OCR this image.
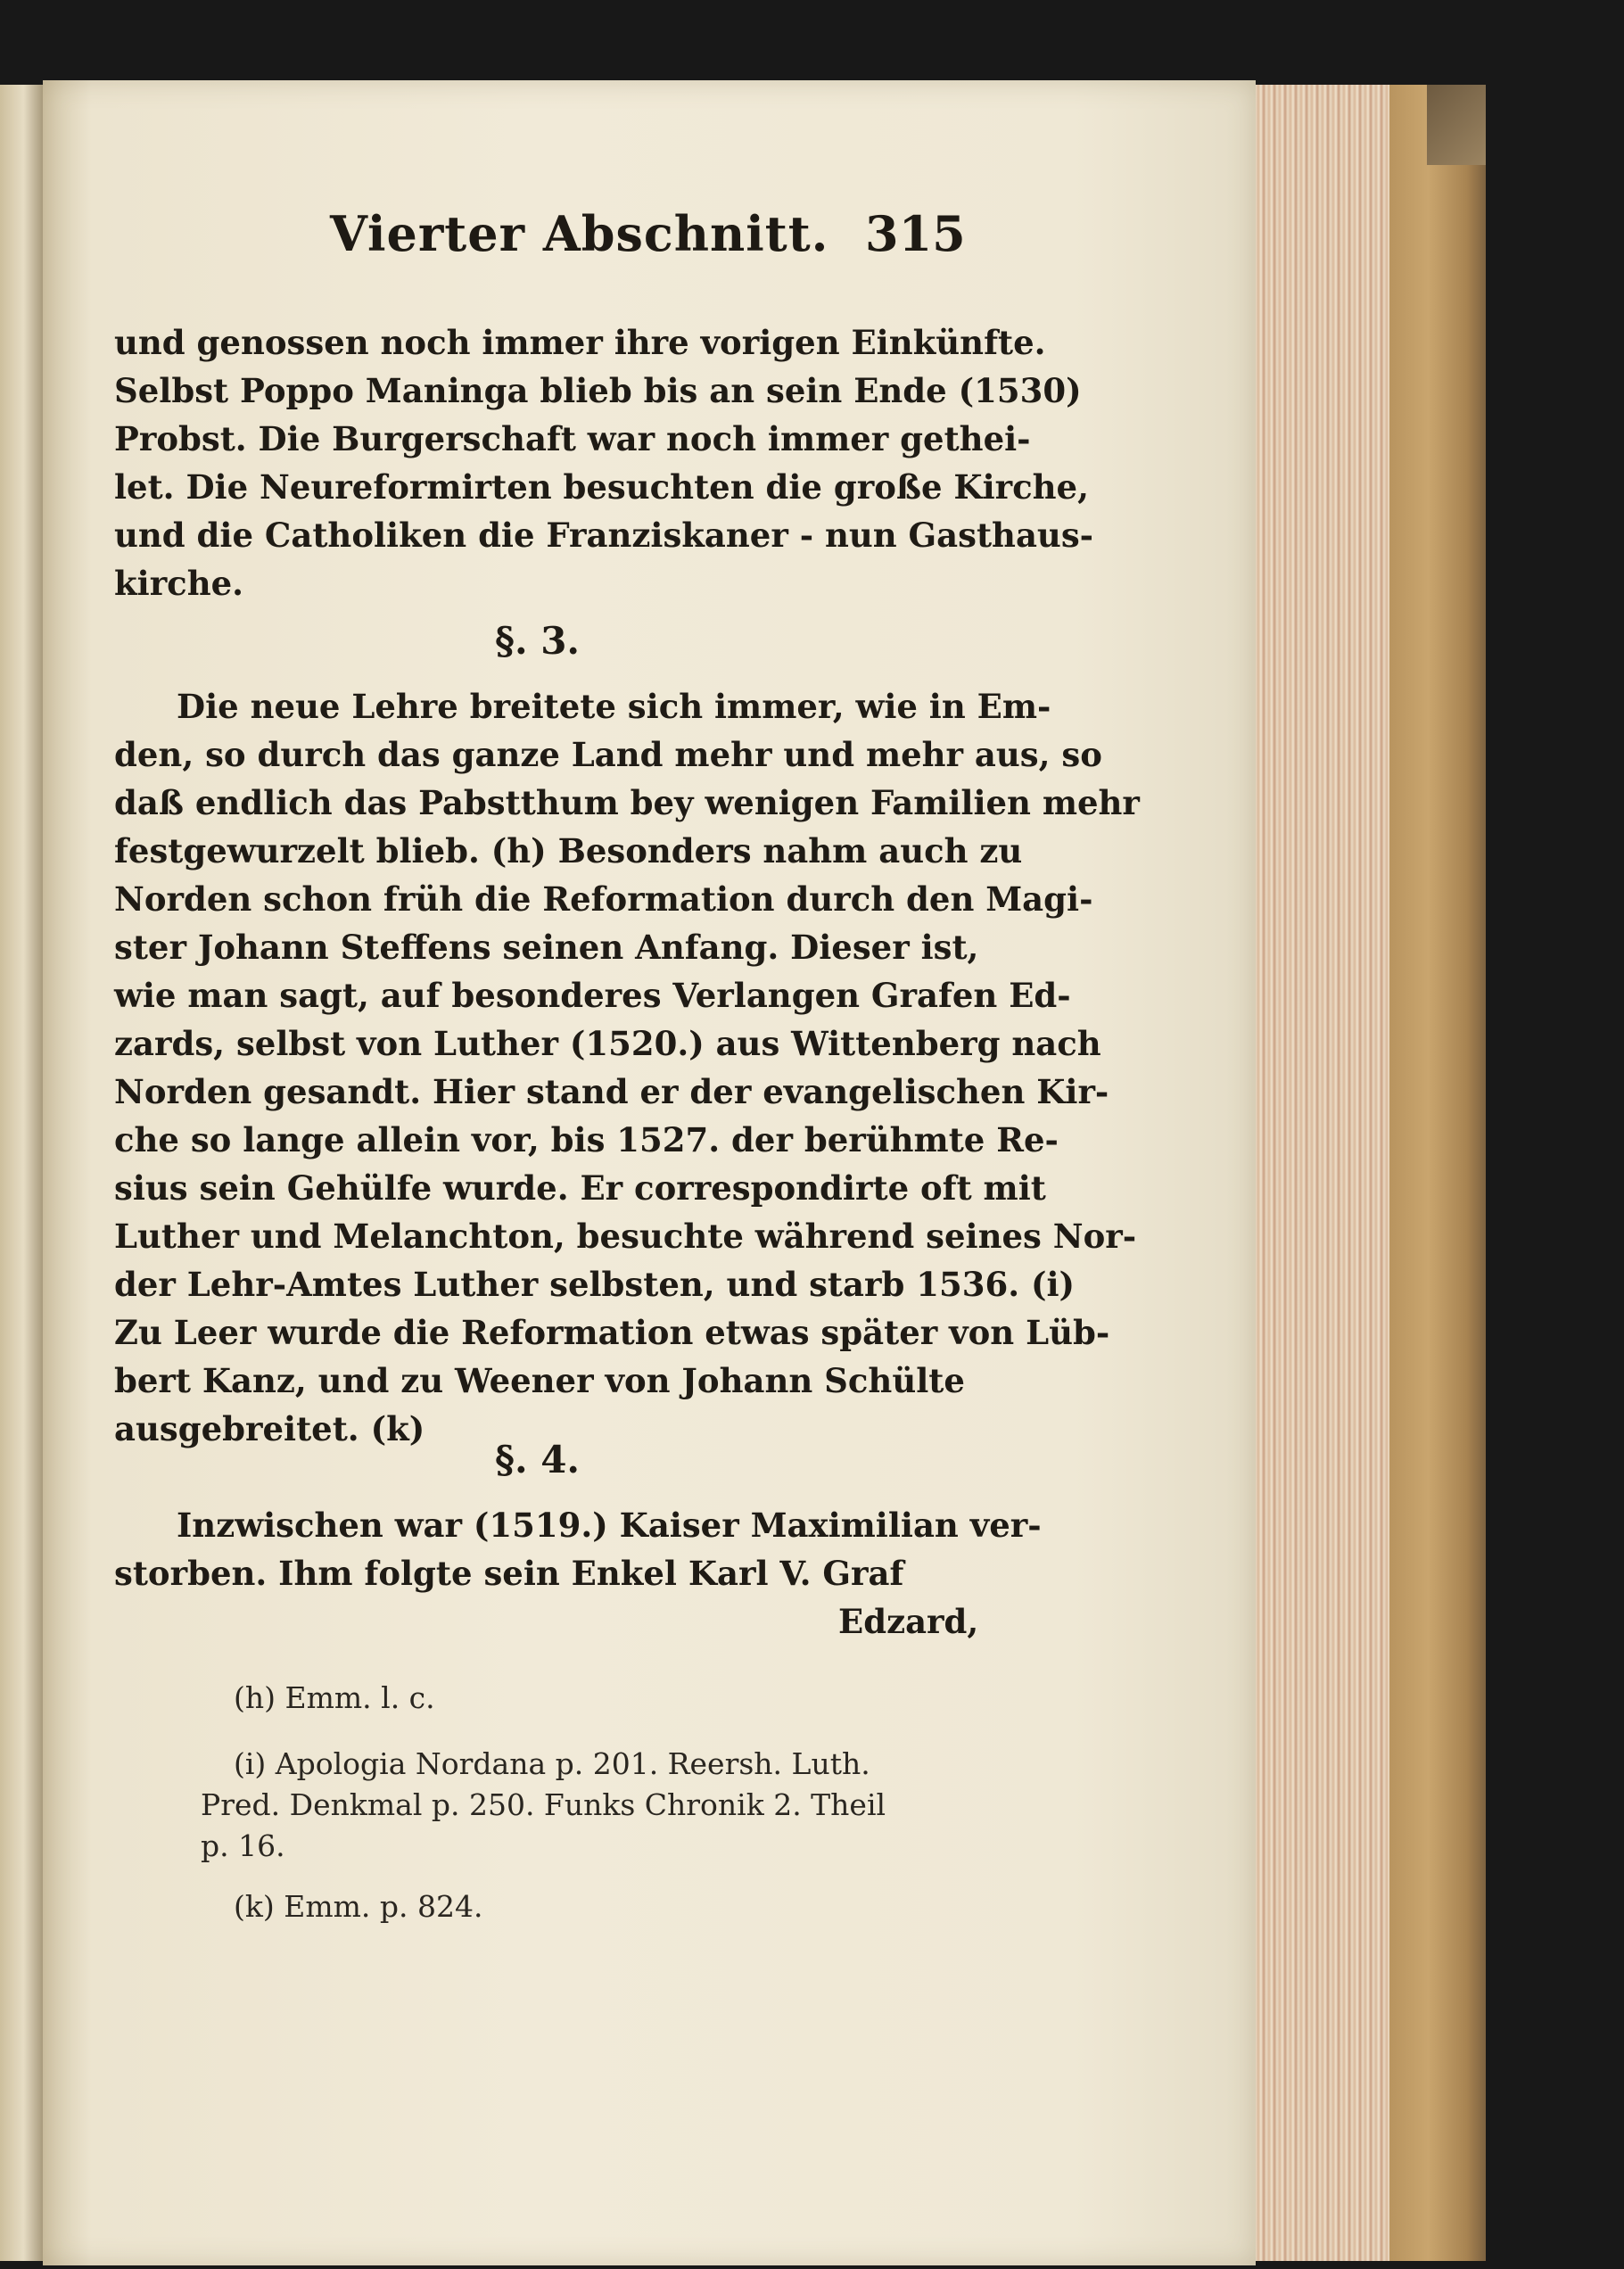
Vierter Abschnitt. 315
und genossen noch immer ihre vorigen Einkünfte.
Selbst Poppo Maninga blieb bis an sein Ende (1530)
Probst. Die Burgerschaft war noch immer gethei-
let. Die Neureformirten besuchten die große Kirche,
und die Catholiken die Franziskaner - nun Gasthaus-
kirche.
§. 3.
Die neue Lehre breitete sich immer, wie in Em-
den, so durch das ganze Land mehr und mehr aus, so
daß endlich das Pabstthum bey wenigen Familien mehr
festgewurzelt blieb. (h) Besonders nahm auch zu
Norden schon früh die Reformation durch den Magi-
ster Johann Steffens seinen Anfang. Dieser ist,
wie man sagt, auf besonderes Verlangen Grafen Ed-
zards, selbst von Luther (1520.) aus Wittenberg nach
Norden gesandt. Hier stand er der evangelischen Kir-
che so lange allein vor, bis 1527. der berühmte Re-
sius sein Gehülfe wurde. Er correspondirte oft mit
Luther und Melanchton, besuchte während seines Nor-
der Lehr-Amtes Luther selbsten, und starb 1536. (i)
Zu Leer wurde die Reformation etwas später von Lüb-
bert Kanz, und zu Weener von Johann Schülte
ausgebreitet. (k)
§. 4.
Inzwischen war (1519.) Kaiser Maximilian ver-
storben. Ihm folgte sein Enkel Karl V. Graf
Edzard,
(h) Emm. l. c.
(i) Apologia Nordana p. 201. Reersh. Luth.
Pred. Denkmal p. 250. Funks Chronik 2. Theil
p. 16.
(k) Emm. p. 824.
